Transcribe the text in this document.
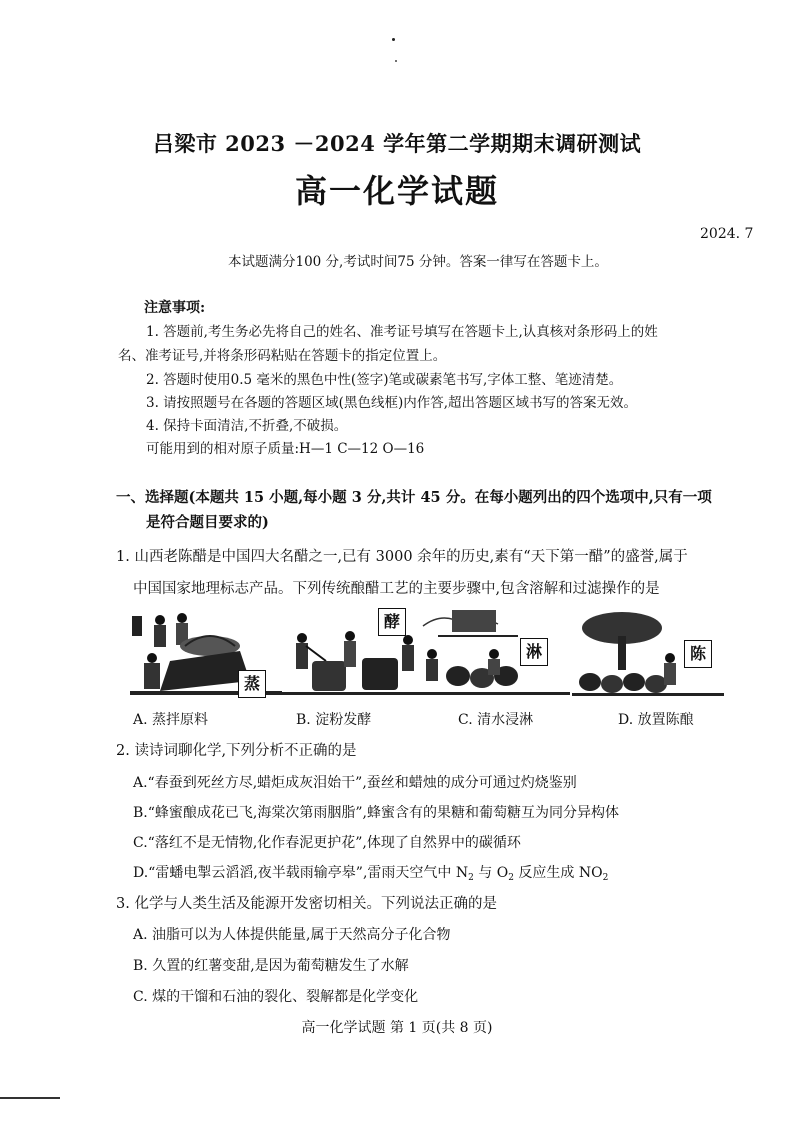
吕梁市 2023 －2024 学年第二学期期末调研测试
高一化学试题
2024. 7
本试题满分100 分,考试时间75 分钟。答案一律写在答题卡上。
注意事项:
1. 答题前,考生务必先将自己的姓名、准考证号填写在答题卡上,认真核对条形码上的姓
名、准考证号,并将条形码粘贴在答题卡的指定位置上。
2. 答题时使用0.5 毫米的黑色中性(签字)笔或碳素笔书写,字体工整、笔迹清楚。
3. 请按照题号在各题的答题区域(黑色线框)内作答,超出答题区域书写的答案无效。
4. 保持卡面清洁,不折叠,不破损。
可能用到的相对原子质量:H—1 C—12 O—16
一、选择题(本题共 15 小题,每小题 3 分,共计 45 分。在每小题列出的四个选项中,只有一项
是符合题目要求的)
1. 山西老陈醋是中国四大名醋之一,已有 3000 余年的历史,素有“天下第一醋”的盛誉,属于
中国国家地理标志产品。下列传统酿醋工艺的主要步骤中,包含溶解和过滤操作的是
蒸
酵
淋	陈
A. 蒸拌原料	B. 淀粉发酵	C. 清水浸淋	D. 放置陈酿
2. 读诗词聊化学,下列分析不正确的是
A.“春蚕到死丝方尽,蜡炬成灰泪始干”,蚕丝和蜡烛的成分可通过灼烧鉴别
B.“蜂蜜酿成花已飞,海棠次第雨胭脂”,蜂蜜含有的果糖和葡萄糖互为同分异构体
C.“落红不是无情物,化作春泥更护花”,体现了自然界中的碳循环
D.“雷蟠电掣云滔滔,夜半载雨输亭皋”,雷雨天空气中 $N_2$ 与 $O_2$ 反应生成 $NO_2$
3. 化学与人类生活及能源开发密切相关。下列说法正确的是
A. 油脂可以为人体提供能量,属于天然高分子化合物
B. 久置的红薯变甜,是因为葡萄糖发生了水解
C. 煤的干馏和石油的裂化、裂解都是化学变化
高一化学试题 第 1 页(共 8 页)
